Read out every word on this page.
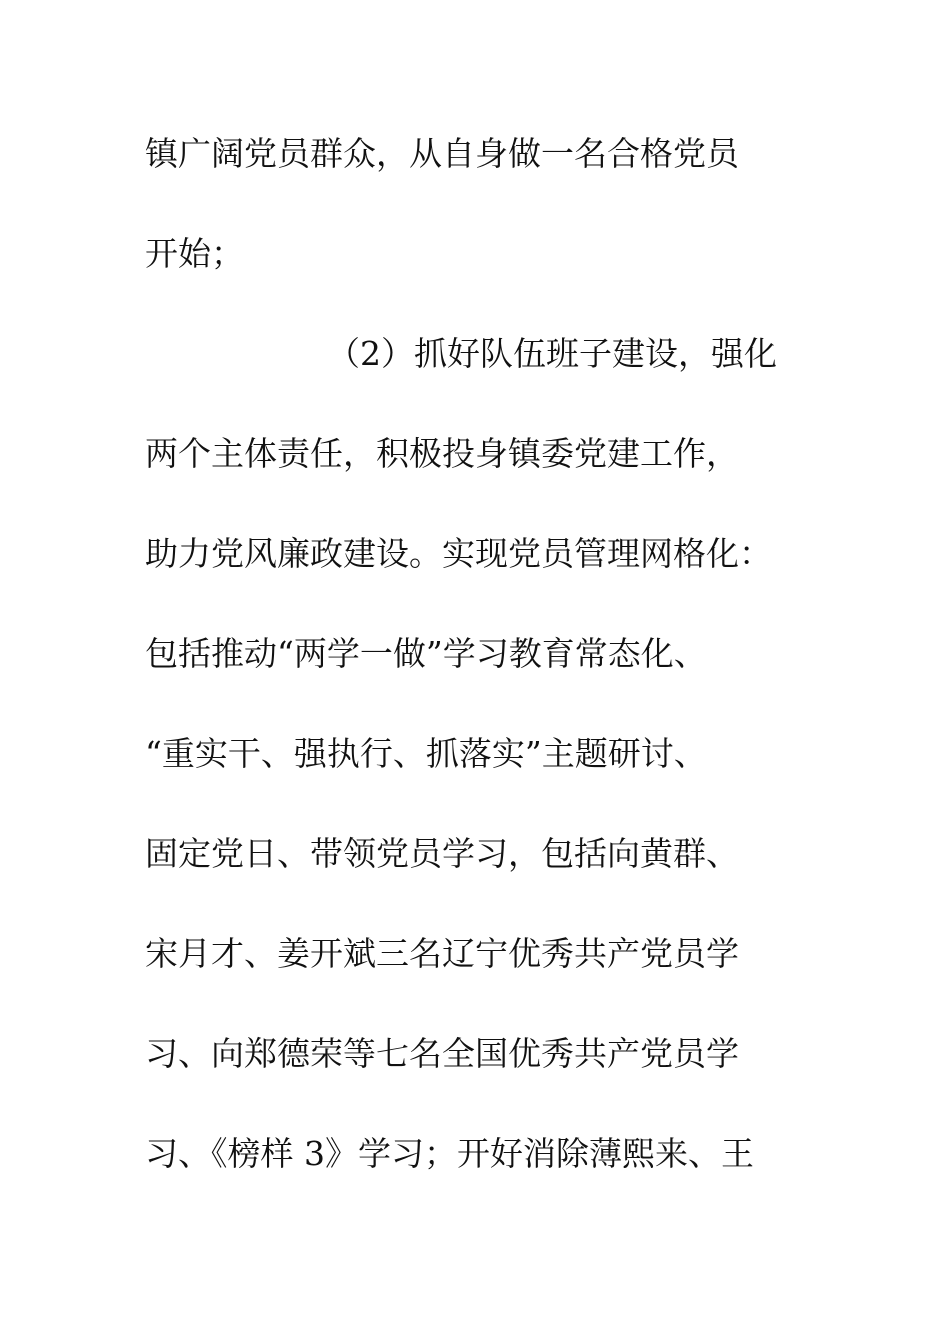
镇广阔党员群众，从自身做一名合格党员
开始；
（2）抓好队伍班子建设，强化
两个主体责任，积极投身镇委党建工作，
助力党风廉政建设。实现党员管理网格化：
包括推动“两学一做”学习教育常态化、
“重实干、强执行、抓落实”主题研讨、
固定党日、带领党员学习，包括向黄群、
宋月才、姜开斌三名辽宁优秀共产党员学
习、向郑德荣等七名全国优秀共产党员学
习、《榜样 3》学习；开好消除薄熙来、王
